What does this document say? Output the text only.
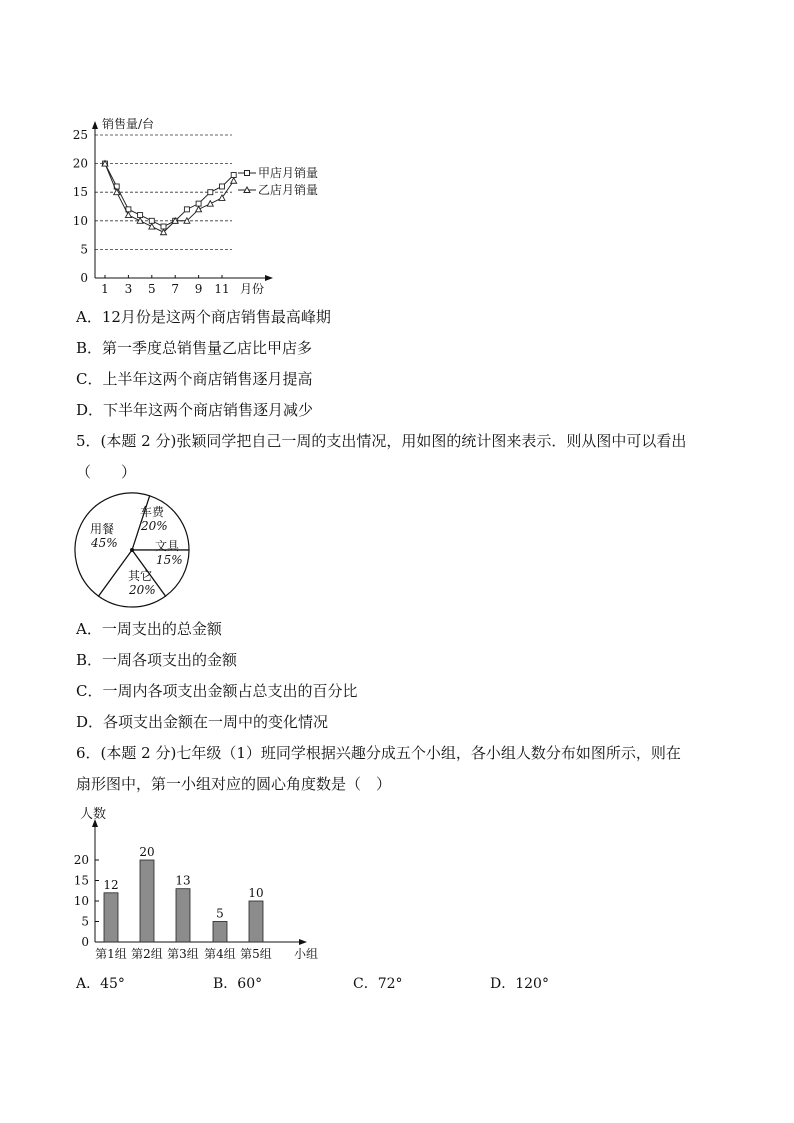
销售量/台
月份
0
5
10
15
20
25
1 3 5 7 9 11
甲店月销量
乙店月销量
A．12月份是这两个商店销售最高峰期
B．第一季度总销售量乙店比甲店多
C．上半年这两个商店销售逐月提高
D．下半年这两个商店销售逐月减少
5．(本题 2 分)张颖同学把自己一周的支出情况，用如图的统计图来表示．则从图中可以看出
（　　）
车费
20%
文具
15%
其它
20%
用餐
45%
A．一周支出的总金额
B．一周各项支出的金额
C．一周内各项支出金额占总支出的百分比
D．各项支出金额在一周中的变化情况
6．(本题 2 分)七年级（1）班同学根据兴趣分成五个小组，各小组人数分布如图所示，则在
扇形图中，第一小组对应的圆心角度数是（　）
人数
小组
0
5
10
15
20
12
20
13
5
10
第1组 第2组 第3组 第4组 第5组
A．45°	B．60°	C．72°	D．120°
